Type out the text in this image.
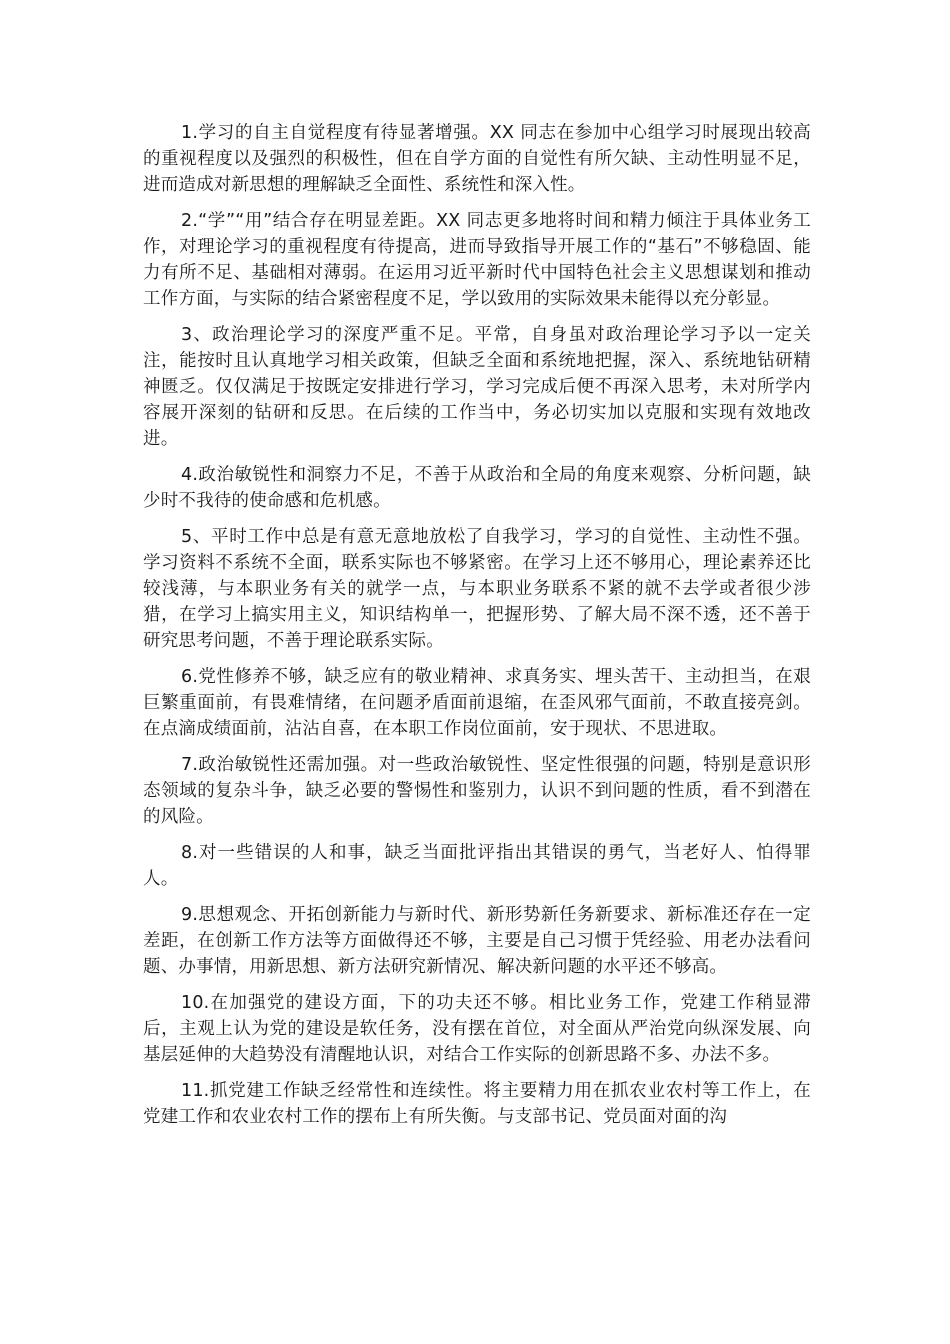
1.学习的自主自觉程度有待显著增强。XX 同志在参加中心组学习时展现出较高的重视程度以及强烈的积极性，但在自学方面的自觉性有所欠缺、主动性明显不足，进而造成对新思想的理解缺乏全面性、系统性和深入性。

2.“学”“用”结合存在明显差距。XX 同志更多地将时间和精力倾注于具体业务工作，对理论学习的重视程度有待提高，进而导致指导开展工作的“基石”不够稳固、能力有所不足、基础相对薄弱。在运用习近平新时代中国特色社会主义思想谋划和推动工作方面，与实际的结合紧密程度不足，学以致用的实际效果未能得以充分彰显。

3、政治理论学习的深度严重不足。平常，自身虽对政治理论学习予以一定关注，能按时且认真地学习相关政策，但缺乏全面和系统地把握，深入、系统地钻研精神匮乏。仅仅满足于按既定安排进行学习，学习完成后便不再深入思考，未对所学内容展开深刻的钻研和反思。在后续的工作当中，务必切实加以克服和实现有效地改进。

4.政治敏锐性和洞察力不足，不善于从政治和全局的角度来观察、分析问题，缺少时不我待的使命感和危机感。

5、平时工作中总是有意无意地放松了自我学习，学习的自觉性、主动性不强。学习资料不系统不全面，联系实际也不够紧密。在学习上还不够用心，理论素养还比较浅薄，与本职业务有关的就学一点，与本职业务联系不紧的就不去学或者很少涉猎，在学习上搞实用主义，知识结构单一，把握形势、了解大局不深不透，还不善于研究思考问题，不善于理论联系实际。

6.党性修养不够，缺乏应有的敬业精神、求真务实、埋头苦干、主动担当，在艰巨繁重面前，有畏难情绪，在问题矛盾面前退缩，在歪风邪气面前，不敢直接亮剑。在点滴成绩面前，沾沾自喜，在本职工作岗位面前，安于现状、不思进取。

7.政治敏锐性还需加强。对一些政治敏锐性、坚定性很强的问题，特别是意识形态领域的复杂斗争，缺乏必要的警惕性和鉴别力，认识不到问题的性质，看不到潜在的风险。

8.对一些错误的人和事，缺乏当面批评指出其错误的勇气，当老好人、怕得罪人。

9.思想观念、开拓创新能力与新时代、新形势新任务新要求、新标准还存在一定差距，在创新工作方法等方面做得还不够，主要是自己习惯于凭经验、用老办法看问题、办事情，用新思想、新方法研究新情况、解决新问题的水平还不够高。

10.在加强党的建设方面，下的功夫还不够。相比业务工作，党建工作稍显滞后，主观上认为党的建设是软任务，没有摆在首位，对全面从严治党向纵深发展、向基层延伸的大趋势没有清醒地认识，对结合工作实际的创新思路不多、办法不多。

11.抓党建工作缺乏经常性和连续性。将主要精力用在抓农业农村等工作上，在党建工作和农业农村工作的摆布上有所失衡。与支部书记、党员面对面的沟
